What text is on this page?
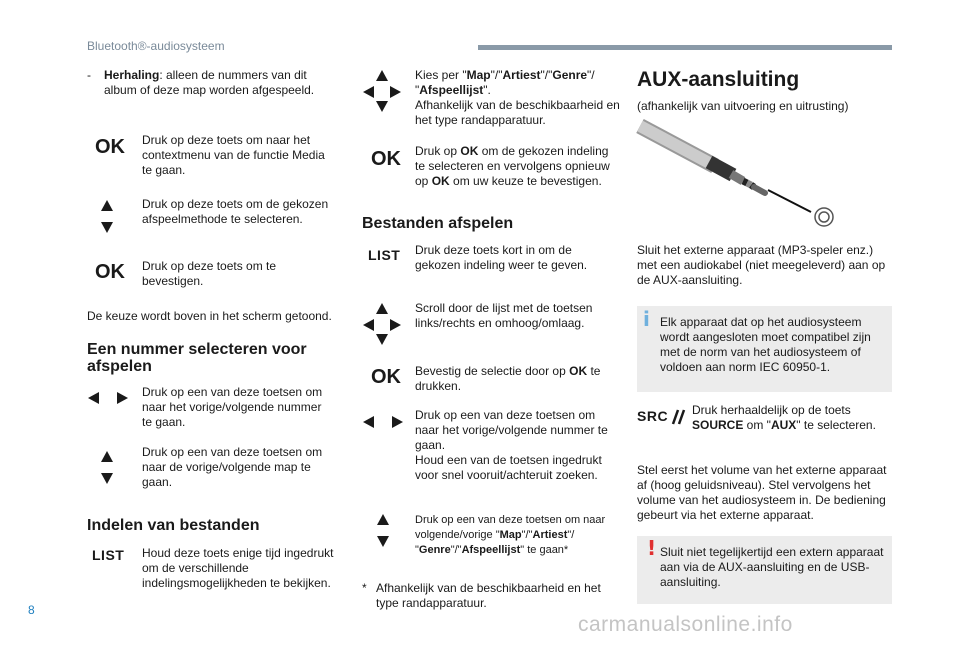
Bluetooth®-audiosysteem
- Herhaling: alleen de nummers van dit album of deze map worden afgespeeld.
OK Druk op deze toets om naar het contextmenu van de functie Media te gaan.
Druk op deze toets om de gekozen afspeelmethode te selecteren.
OK Druk op deze toets om te bevestigen.
De keuze wordt boven in het scherm getoond.
Een nummer selecteren voor afspelen
Druk op een van deze toetsen om naar het vorige/volgende nummer te gaan.
Druk op een van deze toetsen om naar de vorige/volgende map te gaan.
Indelen van bestanden
LIST Houd deze toets enige tijd ingedrukt om de verschillende indelingsmogelijkheden te bekijken.
Kies per "Map"/"Artiest"/"Genre"/ "Afspeellijst".
Afhankelijk van de beschikbaarheid en het type randapparatuur.
OK Druk op OK om de gekozen indeling te selecteren en vervolgens opnieuw op OK om uw keuze te bevestigen.
Bestanden afspelen
LIST Druk deze toets kort in om de gekozen indeling weer te geven.
Scroll door de lijst met de toetsen links/rechts en omhoog/omlaag.
OK Bevestig de selectie door op OK te drukken.
Druk op een van deze toetsen om naar het vorige/volgende nummer te gaan.
Houd een van de toetsen ingedrukt voor snel vooruit/achteruit zoeken.
Druk op een van deze toetsen om naar volgende/vorige "Map"/"Artiest"/ "Genre"/"Afspeellijst" te gaan*
* Afhankelijk van de beschikbaarheid en het type randapparatuur.
AUX-aansluiting
(afhankelijk van uitvoering en uitrusting)
Sluit het externe apparaat (MP3-speler enz.) met een audiokabel (niet meegeleverd) aan op de AUX-aansluiting.
i Elk apparaat dat op het audiosysteem wordt aangesloten moet compatibel zijn met de norm van het audiosysteem of voldoen aan norm IEC 60950-1.
SRC Druk herhaaldelijk op de toets SOURCE om "AUX" te selecteren.
Stel eerst het volume van het externe apparaat af (hoog geluidsniveau). Stel vervolgens het volume van het audiosysteem in. De bediening gebeurt via het externe apparaat.
! Sluit niet tegelijkertijd een extern apparaat aan via de AUX-aansluiting en de USB-aansluiting.
8
carmanualsonline.info
